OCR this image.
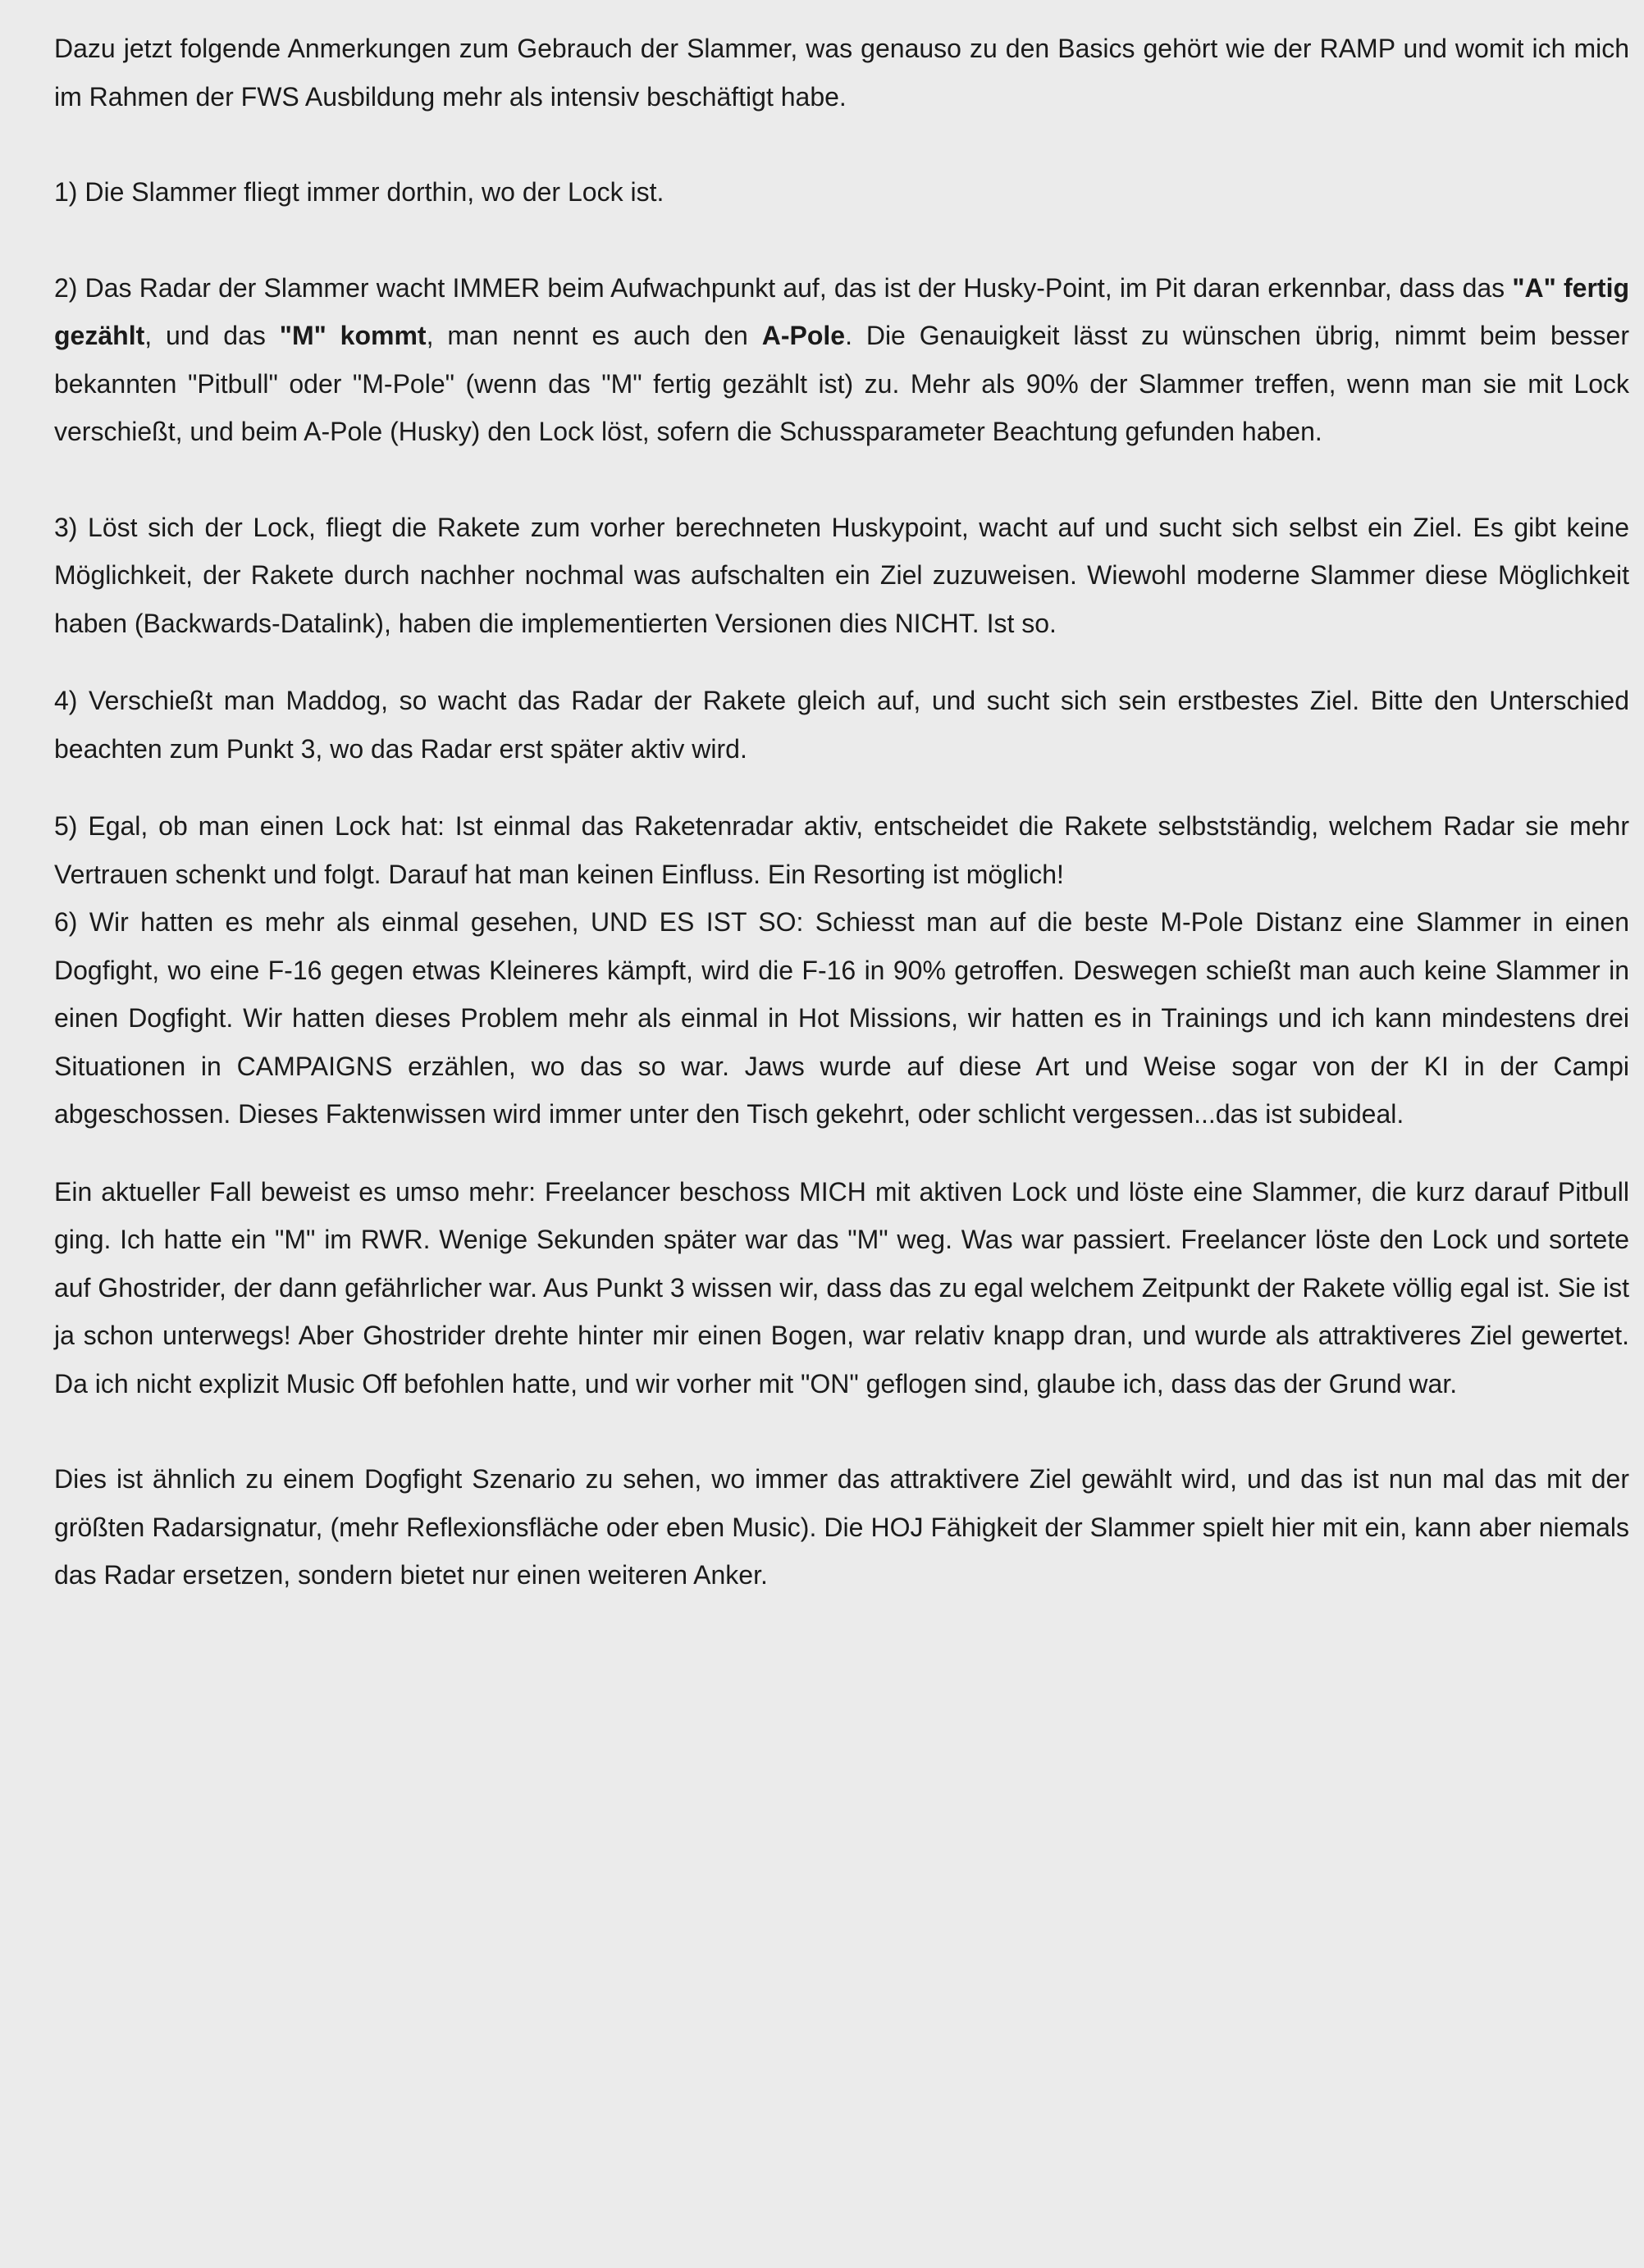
Dazu jetzt folgende Anmerkungen zum Gebrauch der Slammer, was genauso zu den Basics gehört wie der RAMP und womit ich mich im Rahmen der FWS Ausbildung mehr als intensiv beschäftigt habe.

1) Die Slammer fliegt immer dorthin, wo der Lock ist.

2) Das Radar der Slammer wacht IMMER beim Aufwachpunkt auf, das ist der Husky-Point, im Pit daran erkennbar, dass das "A" fertig gezählt, und das "M" kommt, man nennt es auch den A-Pole. Die Genauigkeit lässt zu wünschen übrig, nimmt beim besser bekannten "Pitbull" oder "M-Pole" (wenn das "M" fertig gezählt ist) zu. Mehr als 90% der Slammer treffen, wenn man sie mit Lock verschießt, und beim A-Pole (Husky) den Lock löst, sofern die Schussparameter Beachtung gefunden haben.

3) Löst sich der Lock, fliegt die Rakete zum vorher berechneten Huskypoint, wacht auf und sucht sich selbst ein Ziel. Es gibt keine Möglichkeit, der Rakete durch nachher nochmal was aufschalten ein Ziel zuzuweisen. Wiewohl moderne Slammer diese Möglichkeit haben (Backwards-Datalink), haben die implementierten Versionen dies NICHT. Ist so.

4) Verschießt man Maddog, so wacht das Radar der Rakete gleich auf, und sucht sich sein erstbestes Ziel. Bitte den Unterschied beachten zum Punkt 3, wo das Radar erst später aktiv wird.

5) Egal, ob man einen Lock hat: Ist einmal das Raketenradar aktiv, entscheidet die Rakete selbstständig, welchem Radar sie mehr Vertrauen schenkt und folgt. Darauf hat man keinen Einfluss. Ein Resorting ist möglich!

6) Wir hatten es mehr als einmal gesehen, UND ES IST SO: Schiesst man auf die beste M-Pole Distanz eine Slammer in einen Dogfight, wo eine F-16 gegen etwas Kleineres kämpft, wird die F-16 in 90% getroffen. Deswegen schießt man auch keine Slammer in einen Dogfight. Wir hatten dieses Problem mehr als einmal in Hot Missions, wir hatten es in Trainings und ich kann mindestens drei Situationen in CAMPAIGNS erzählen, wo das so war. Jaws wurde auf diese Art und Weise sogar von der KI in der Campi abgeschossen. Dieses Faktenwissen wird immer unter den Tisch gekehrt, oder schlicht vergessen...das ist subideal.

Ein aktueller Fall beweist es umso mehr: Freelancer beschoss MICH mit aktiven Lock und löste eine Slammer, die kurz darauf Pitbull ging. Ich hatte ein "M" im RWR. Wenige Sekunden später war das "M" weg. Was war passiert. Freelancer löste den Lock und sortete auf Ghostrider, der dann gefährlicher war. Aus Punkt 3 wissen wir, dass das zu egal welchem Zeitpunkt der Rakete völlig egal ist. Sie ist ja schon unterwegs! Aber Ghostrider drehte hinter mir einen Bogen, war relativ knapp dran, und wurde als attraktiveres Ziel gewertet. Da ich nicht explizit Music Off befohlen hatte, und wir vorher mit "ON" geflogen sind, glaube ich, dass das der Grund war.

Dies ist ähnlich zu einem Dogfight Szenario zu sehen, wo immer das attraktivere Ziel gewählt wird, und das ist nun mal das mit der größten Radarsignatur, (mehr Reflexionsfläche oder eben Music). Die HOJ Fähigkeit der Slammer spielt hier mit ein, kann aber niemals das Radar ersetzen, sondern bietet nur einen weiteren Anker.
